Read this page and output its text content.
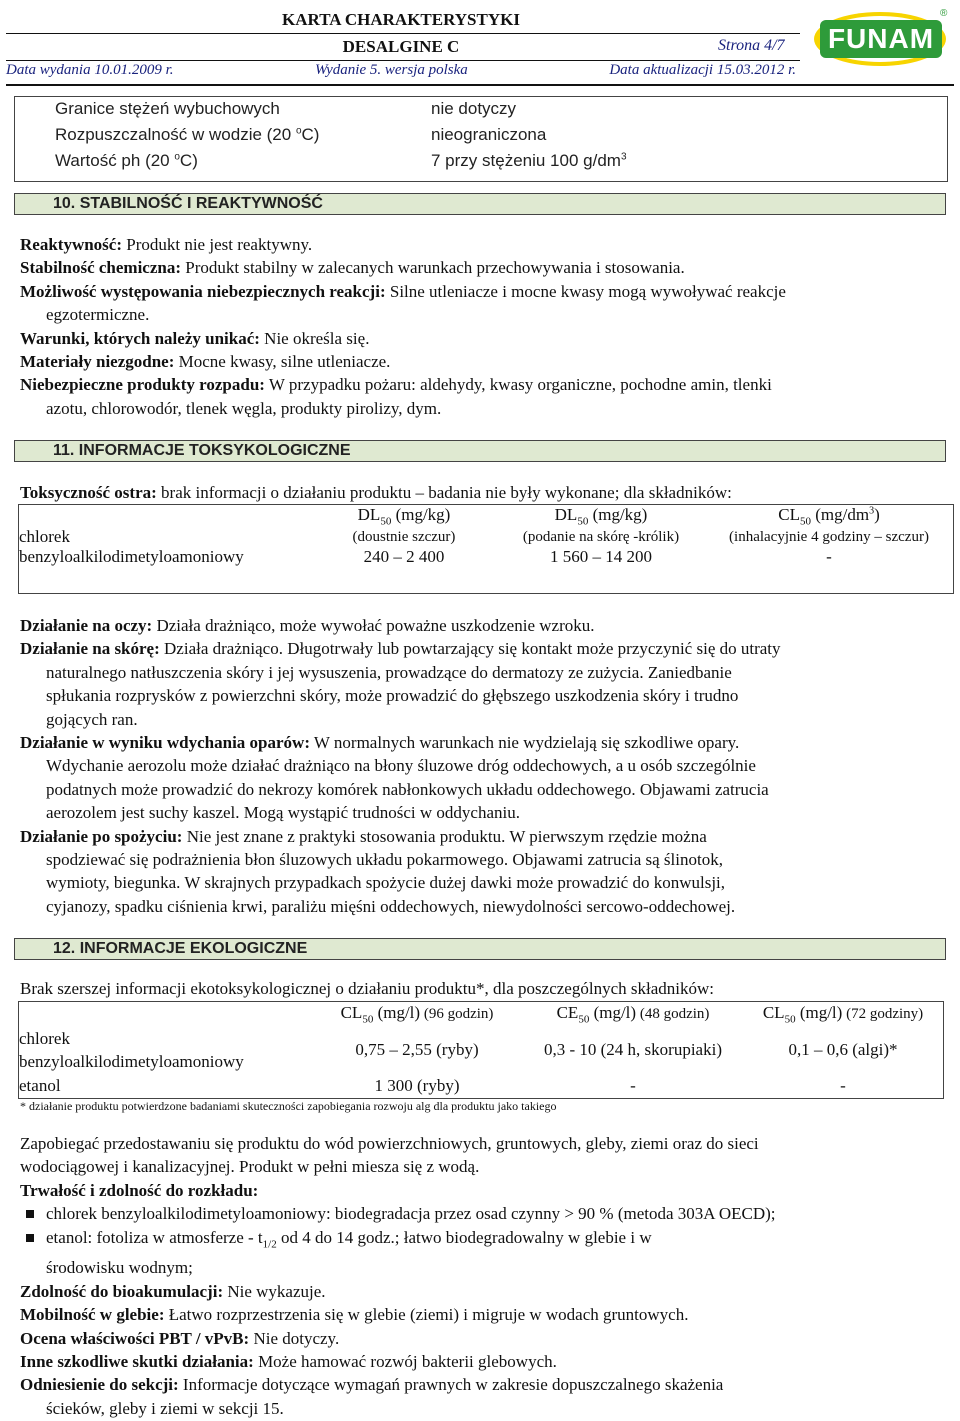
KARTA CHARAKTERYSTYKI
DESALGINE C	Strona 4/7
Data wydania 10.01.2009 r.	Wydanie 5. wersja polska	Data aktualizacji 15.03.2012 r.
FUNAM
®
Granice stężeń wybuchowych	nie dotyczy
Rozpuszczalność w wodzie (20 $^o$C)	nieograniczona
Wartość ph (20 $^o$C)	7 przy stężeniu 100 $g/dm^3$
10. STABILNOŚĆ I REAKTYWNOŚĆ
Reaktywność: Produkt nie jest reaktywny.
Stabilność chemiczna: Produkt stabilny w zalecanych warunkach przechowywania i stosowania.
Możliwość występowania niebezpiecznych reakcji: Silne utleniacze i mocne kwasy mogą wywoływać reakcje
egzotermiczne.
Warunki, których należy unikać: Nie określa się.
Materiały niezgodne: Mocne kwasy, silne utleniacze.
Niebezpieczne produkty rozpadu: W przypadku pożaru: aldehydy, kwasy organiczne, pochodne amin, tlenki
azotu, chlorowodór, tlenek węgla, produkty pirolizy, dym.
11. INFORMACJE TOKSYKOLOGICZNE
Toksyczność ostra: brak informacji o działaniu produktu – badania nie były wykonane; dla składników:
	$DL_{50}$ (mg/kg)	$DL_{50}$ (mg/kg)	$CL_{50}$ $(mg/dm^3)$
chlorek	(doustnie szczur)	(podanie na skórę -królik)	(inhalacyjnie 4 godziny – szczur)
benzyloalkilodimetyloamoniowy	240 – 2 400	1 560 – 14 200	-
Działanie na oczy: Działa drażniąco, może wywołać poważne uszkodzenie wzroku.
Działanie na skórę: Działa drażniąco. Długotrwały lub powtarzający się kontakt może przyczynić się do utraty
naturalnego natłuszczenia skóry i jej wysuszenia, prowadzące do dermatozy ze zużycia. Zaniedbanie
spłukania rozprysków z powierzchni skóry, może prowadzić do głębszego uszkodzenia skóry i trudno
gojących ran.
Działanie w wyniku wdychania oparów: W normalnych warunkach nie wydzielają się szkodliwe opary.
Wdychanie aerozolu może działać drażniąco na błony śluzowe dróg oddechowych, a u osób szczególnie
podatnych może prowadzić do nekrozy komórek nabłonkowych układu oddechowego. Objawami zatrucia
aerozolem jest suchy kaszel. Mogą wystąpić trudności w oddychaniu.
Działanie po spożyciu: Nie jest znane z praktyki stosowania produktu. W pierwszym rzędzie można
spodziewać się podrażnienia błon śluzowych układu pokarmowego. Objawami zatrucia są ślinotok,
wymioty, biegunka. W skrajnych przypadkach spożycie dużej dawki może prowadzić do konwulsji,
cyjanozy, spadku ciśnienia krwi, paraliżu mięśni oddechowych, niewydolności sercowo-oddechowej.
12. INFORMACJE EKOLOGICZNE
Brak szerszej informacji ekotoksykologicznej o działaniu produktu*, dla poszczególnych składników:
	$CL_{50}$ (mg/l) (96 godzin)	$CE_{50}$ (mg/l) (48 godzin)	$CL_{50}$ (mg/l) (72 godziny)

chlorek
benzyloalkilodimetyloamoniowy	0,75 – 2,55 (ryby)	0,3 - 10 (24 h, skorupiaki)	0,1 – 0,6 (algi)*
etanol	1 300 (ryby)	-	-
* działanie produktu potwierdzone badaniami skuteczności zapobiegania rozwoju alg dla produktu jako takiego
Zapobiegać przedostawaniu się produktu do wód powierzchniowych, gruntowych, gleby, ziemi oraz do sieci
wodociągowej i kanalizacyjnej. Produkt w pełni miesza się z wodą.
Trwałość i zdolność do rozkładu:
chlorek benzyloalkilodimetyloamoniowy: biodegradacja przez osad czynny > 90 % (metoda 303A OECD);
etanol: fotoliza w atmosferze - $t_{1/2}$ od 4 do 14 godz.; łatwo biodegradowalny w glebie i w
środowisku wodnym;
Zdolność do bioakumulacji: Nie wykazuje.
Mobilność w glebie: Łatwo rozprzestrzenia się w glebie (ziemi) i migruje w wodach gruntowych.
Ocena właściwości PBT / vPvB: Nie dotyczy.
Inne szkodliwe skutki działania: Może hamować rozwój bakterii glebowych.
Odniesienie do sekcji: Informacje dotyczące wymagań prawnych w zakresie dopuszczalnego skażenia
ścieków, gleby i ziemi w sekcji 15.
